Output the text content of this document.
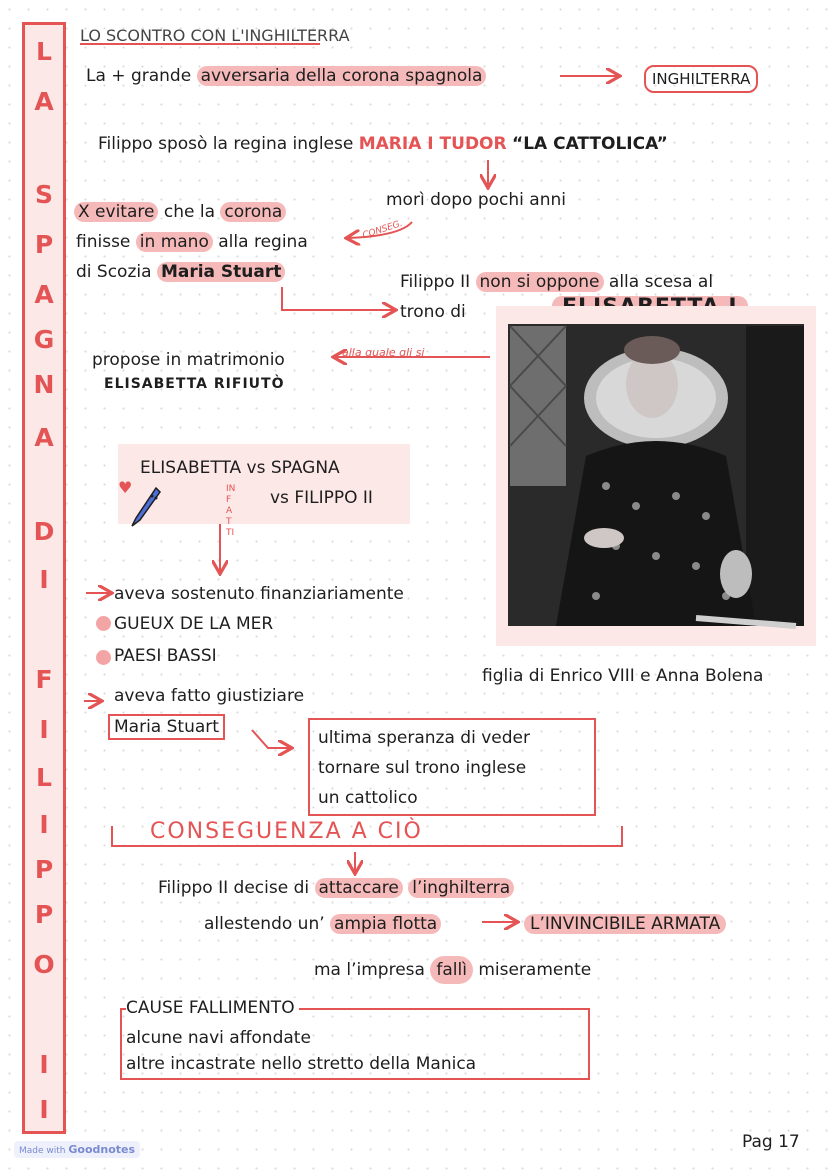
L
A
S
P
A
G
N
A
D
I
F
I
L
I
P
P
O
I
I
LO SCONTRO CON L'INGHILTERRA
La + grande avversaria della corona spagnola	INGHILTERRA
Filippo sposò la regina inglese MARIA I TUDOR “LA CATTOLICA”
morì dopo pochi anni
CONSEG.
X evitare che la corona
finisse in mano alla regina
di Scozia Maria Stuart	Filippo II non si oppone alla scesa al
trono di
figlia di Enrico VIII e Anna Bolena
propose in matrimonio	alla quale gli si
ELISABETTA RIFIUTÒ
ELISABETTA vs SPAGNA
vs FILIPPO II
INFATTI
♥
aveva sostenuto finanziariamente
GUEUX DE LA MER
PAESI BASSI
aveva fatto giustiziare
Maria Stuart
ultima speranza di veder
tornare sul trono inglese
un cattolico
CONSEGUENZA A CIÒ
Filippo II decise di attaccare l’inghilterra
allestendo un’ ampia flotta	L’INVINCIBILE ARMATA
ma l’impresa fallì miseramente
CAUSE FALLIMENTO
alcune navi affondate
altre incastrate nello stretto della Manica
Made with Goodnotes	Pag 17
